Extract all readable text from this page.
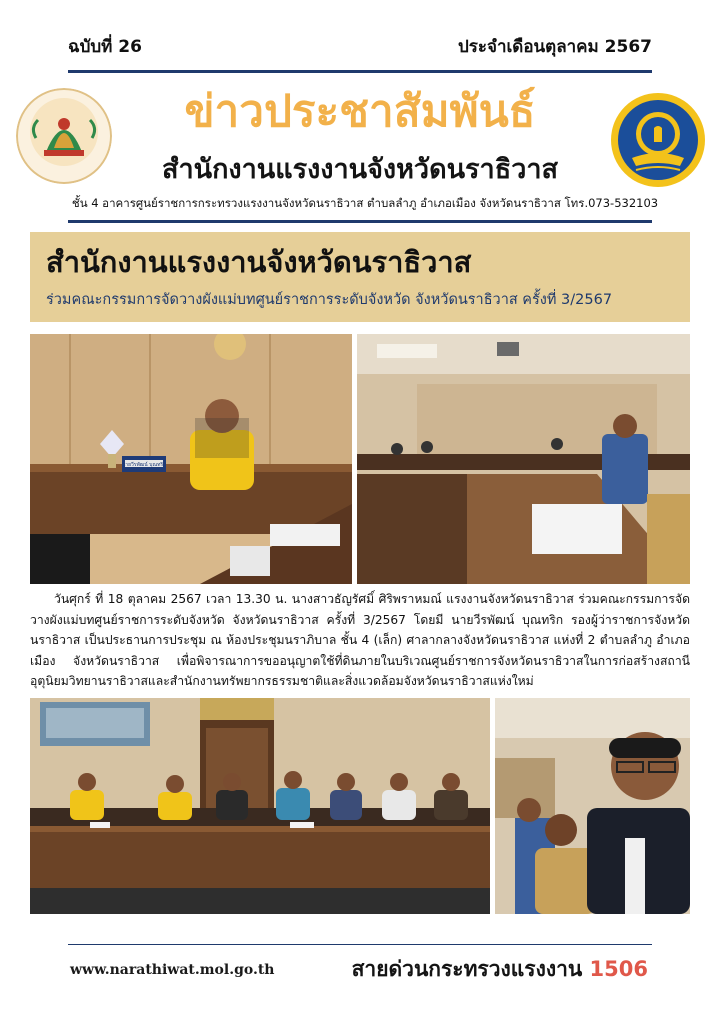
ฉบับที่ 26	ประจำเดือนตุลาคม 2567
ข่าวประชาสัมพันธ์
สำนักงานแรงงานจังหวัดนราธิวาส
ชั้น 4 อาคารศูนย์ราชการกระทรวงแรงงานจังหวัดนราธิวาส ตำบลลำภู อำเภอเมือง จังหวัดนราธิวาส โทร.073-532103
สำนักงานแรงงานจังหวัดนราธิวาส
ร่วมคณะกรรมการจัดวางผังแม่บทศูนย์ราชการระดับจังหวัด จังหวัดนราธิวาส ครั้งที่ 3/2567
นายวีรพัฒน์ บุณทริก
วันศุกร์ ที่ 18 ตุลาคม 2567 เวลา 13.30 น. นางสาวธัญรัศมิ์ ศิริพราหมณ์ แรงงานจังหวัดนราธิวาส ร่วมคณะกรรมการจัดวางผังแม่บทศูนย์ราชการระดับจังหวัด จังหวัดนราธิวาส ครั้งที่ 3/2567 โดยมี นายวีรพัฒน์ บุณทริก รองผู้ว่าราชการจังหวัดนราธิวาส เป็นประธานการประชุม ณ ห้องประชุมนราภิบาล ชั้น 4 (เล็ก) ศาลากลางจังหวัดนราธิวาส แห่งที่ 2 ตำบลลำภู อำเภอเมือง จังหวัดนราธิวาส เพื่อพิจารณาการขออนุญาตใช้ที่ดินภายในบริเวณศูนย์ราชการจังหวัดนราธิวาสในการก่อสร้างสถานีอุตุนิยมวิทยานราธิวาสและสำนักงานทรัพยากรธรรมชาติและสิ่งแวดล้อมจังหวัดนราธิวาสแห่งใหม่
www.narathiwat.mol.go.th	สายด่วนกระทรวงแรงงาน 1506
